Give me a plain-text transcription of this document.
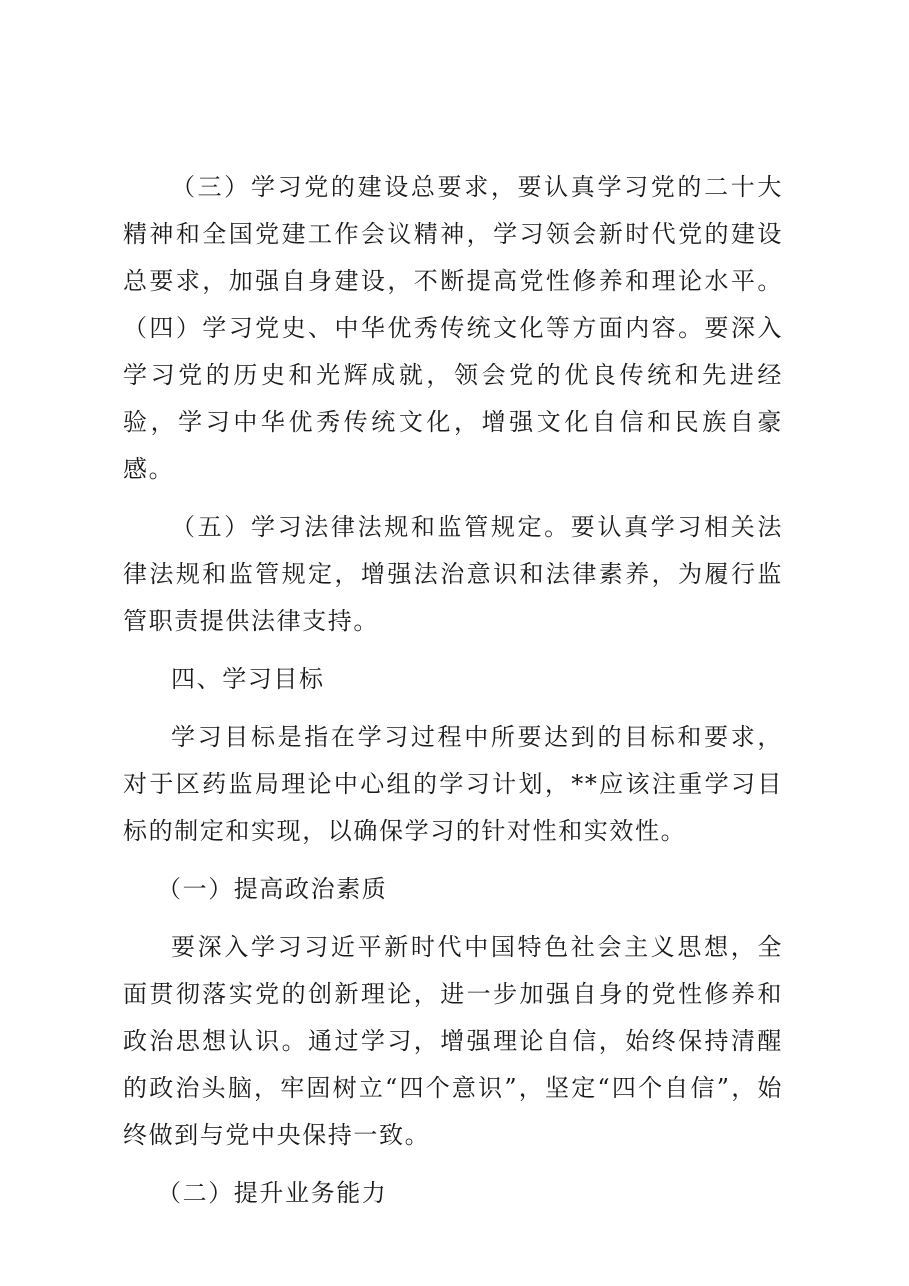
（三）学习党的建设总要求，要认真学习党的二十大精神和全国党建工作会议精神，学习领会新时代党的建设总要求，加强自身建设，不断提高党性修养和理论水平。（四）学习党史、中华优秀传统文化等方面内容。要深入学习党的历史和光辉成就，领会党的优良传统和先进经验，学习中华优秀传统文化，增强文化自信和民族自豪感。

（五）学习法律法规和监管规定。要认真学习相关法律法规和监管规定，增强法治意识和法律素养，为履行监管职责提供法律支持。

四、学习目标

学习目标是指在学习过程中所要达到的目标和要求，对于区药监局理论中心组的学习计划，**应该注重学习目标的制定和实现，以确保学习的针对性和实效性。

（一）提高政治素质

要深入学习习近平新时代中国特色社会主义思想，全面贯彻落实党的创新理论，进一步加强自身的党性修养和政治思想认识。通过学习，增强理论自信，始终保持清醒的政治头脑，牢固树立“四个意识”，坚定“四个自信”，始终做到与党中央保持一致。

（二）提升业务能力
